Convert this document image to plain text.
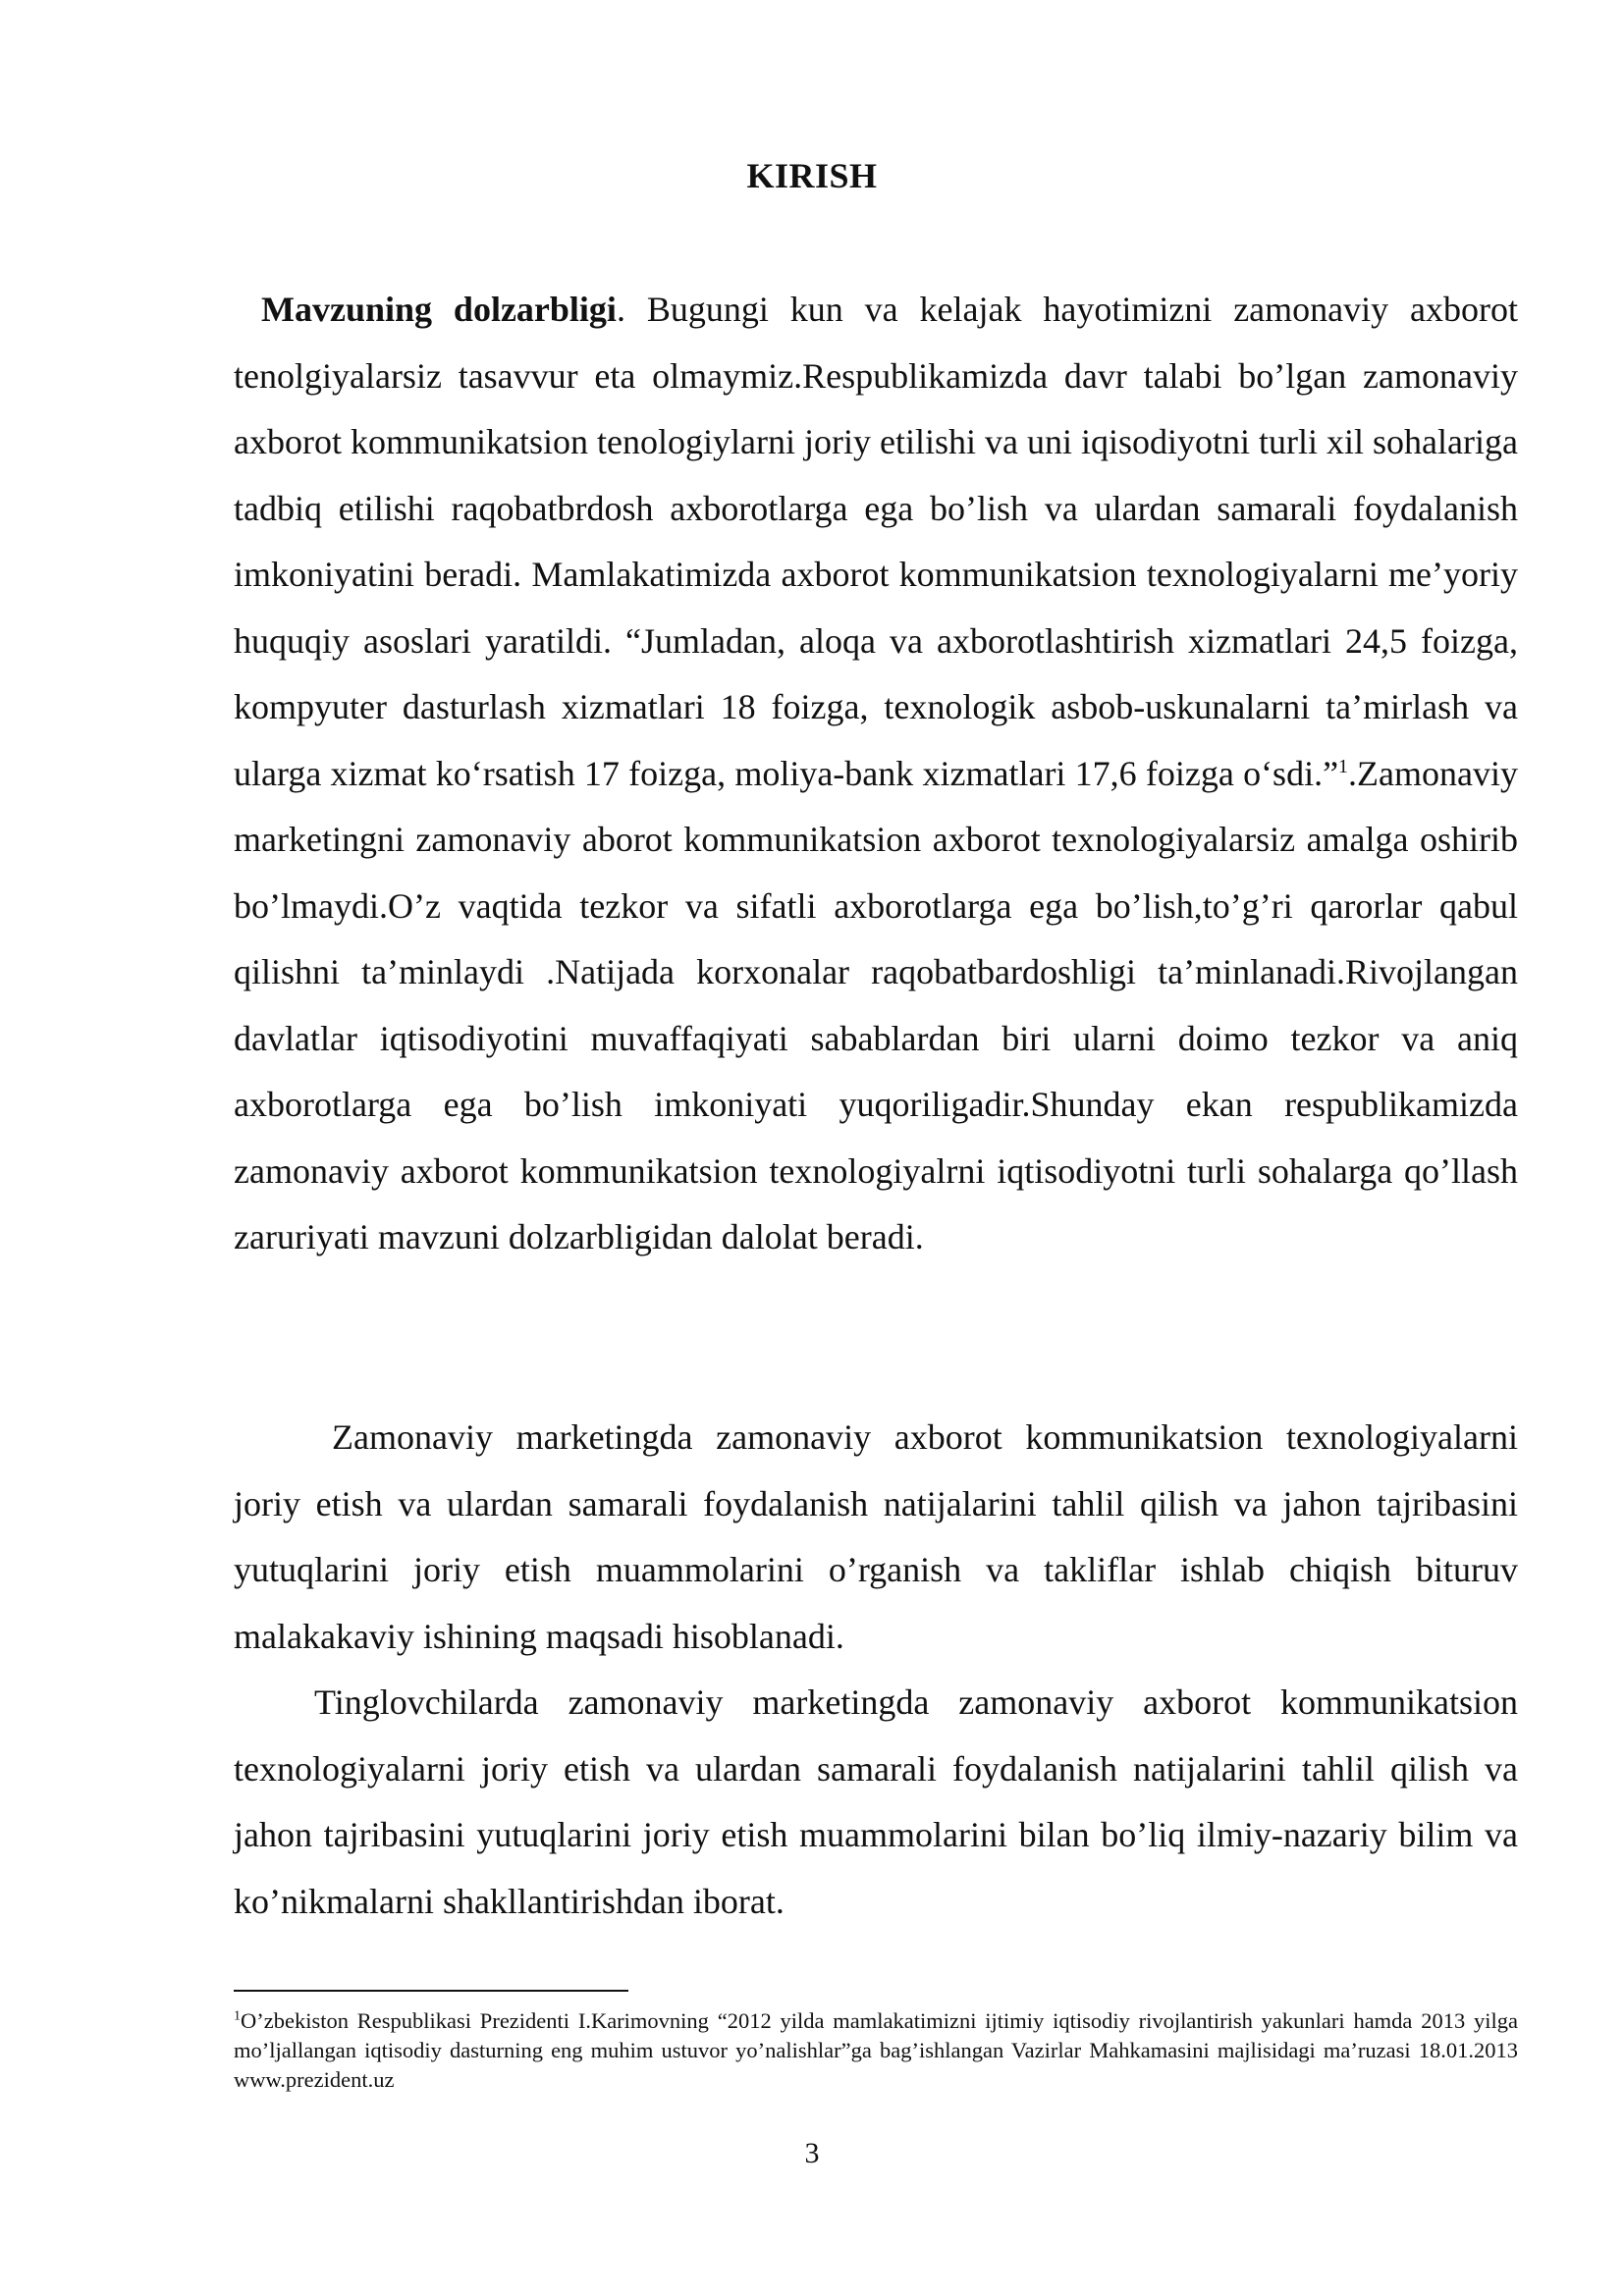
KIRISH

Mavzuning dolzarbligi. Bugungi kun va kelajak hayotimizni zamonaviy axborot tenolgiyalarsiz tasavvur eta olmaymiz.Respublikamizda davr talabi bo’lgan zamonaviy axborot kommunikatsion tenologiylarni joriy etilishi va uni iqisodiyotni turli xil sohalariga tadbiq etilishi raqobatbrdosh axborotlarga ega bo’lish va ulardan samarali foydalanish imkoniyatini beradi. Mamlakatimizda axborot kommunikatsion texnologiyalarni me’yoriy huquqiy asoslari yaratildi. “Jumladan, aloqa va axborotlashtirish xizmatlari 24,5 foizga, kompyuter dasturlash xizmatlari 18 foizga, texnologik asbob-uskunalarni ta’mirlash va ularga xizmat ko‘rsatish 17 foizga, moliya-bank xizmatlari 17,6 foizga o‘sdi.”$^1$.Zamonaviy marketingni zamonaviy aborot kommunikatsion axborot texnologiyalarsiz amalga oshirib bo’lmaydi.O’z vaqtida tezkor va sifatli axborotlarga ega bo’lish,to’g’ri qarorlar qabul qilishni ta’minlaydi .Natijada korxonalar raqobatbardoshligi ta’minlanadi.Rivojlangan davlatlar iqtisodiyotini muvaffaqiyati sabablardan biri ularni doimo tezkor va aniq axborotlarga ega bo’lish imkoniyati yuqoriligadir.Shunday ekan respublikamizda zamonaviy axborot kommunikatsion texnologiyalrni iqtisodiyotni turli sohalarga qo’llash zaruriyati mavzuni dolzarbligidan dalolat beradi.

Zamonaviy marketingda zamonaviy axborot kommunikatsion texnologiyalarni joriy etish va ulardan samarali foydalanish natijalarini tahlil qilish va jahon tajribasini yutuqlarini joriy etish muammolarini o’rganish va takliflar ishlab chiqish bituruv malakakaviy ishining maqsadi hisoblanadi.

Tinglovchilarda zamonaviy marketingda zamonaviy axborot kommunikatsion texnologiyalarni joriy etish va ulardan samarali foydalanish natijalarini tahlil qilish va jahon tajribasini yutuqlarini joriy etish muammolarini bilan bo’liq ilmiy-nazariy bilim va ko’nikmalarni shakllantirishdan iborat.

$^1$O’zbekiston Respublikasi Prezidenti I.Karimovning “2012 yilda mamlakatimizni ijtimiy iqtisodiy rivojlantirish yakunlari hamda 2013 yilga mo’ljallangan iqtisodiy dasturning eng muhim ustuvor yo’nalishlar”ga bag’ishlangan Vazirlar Mahkamasini majlisidagi ma’ruzasi 18.01.2013 www.prezident.uz
3
